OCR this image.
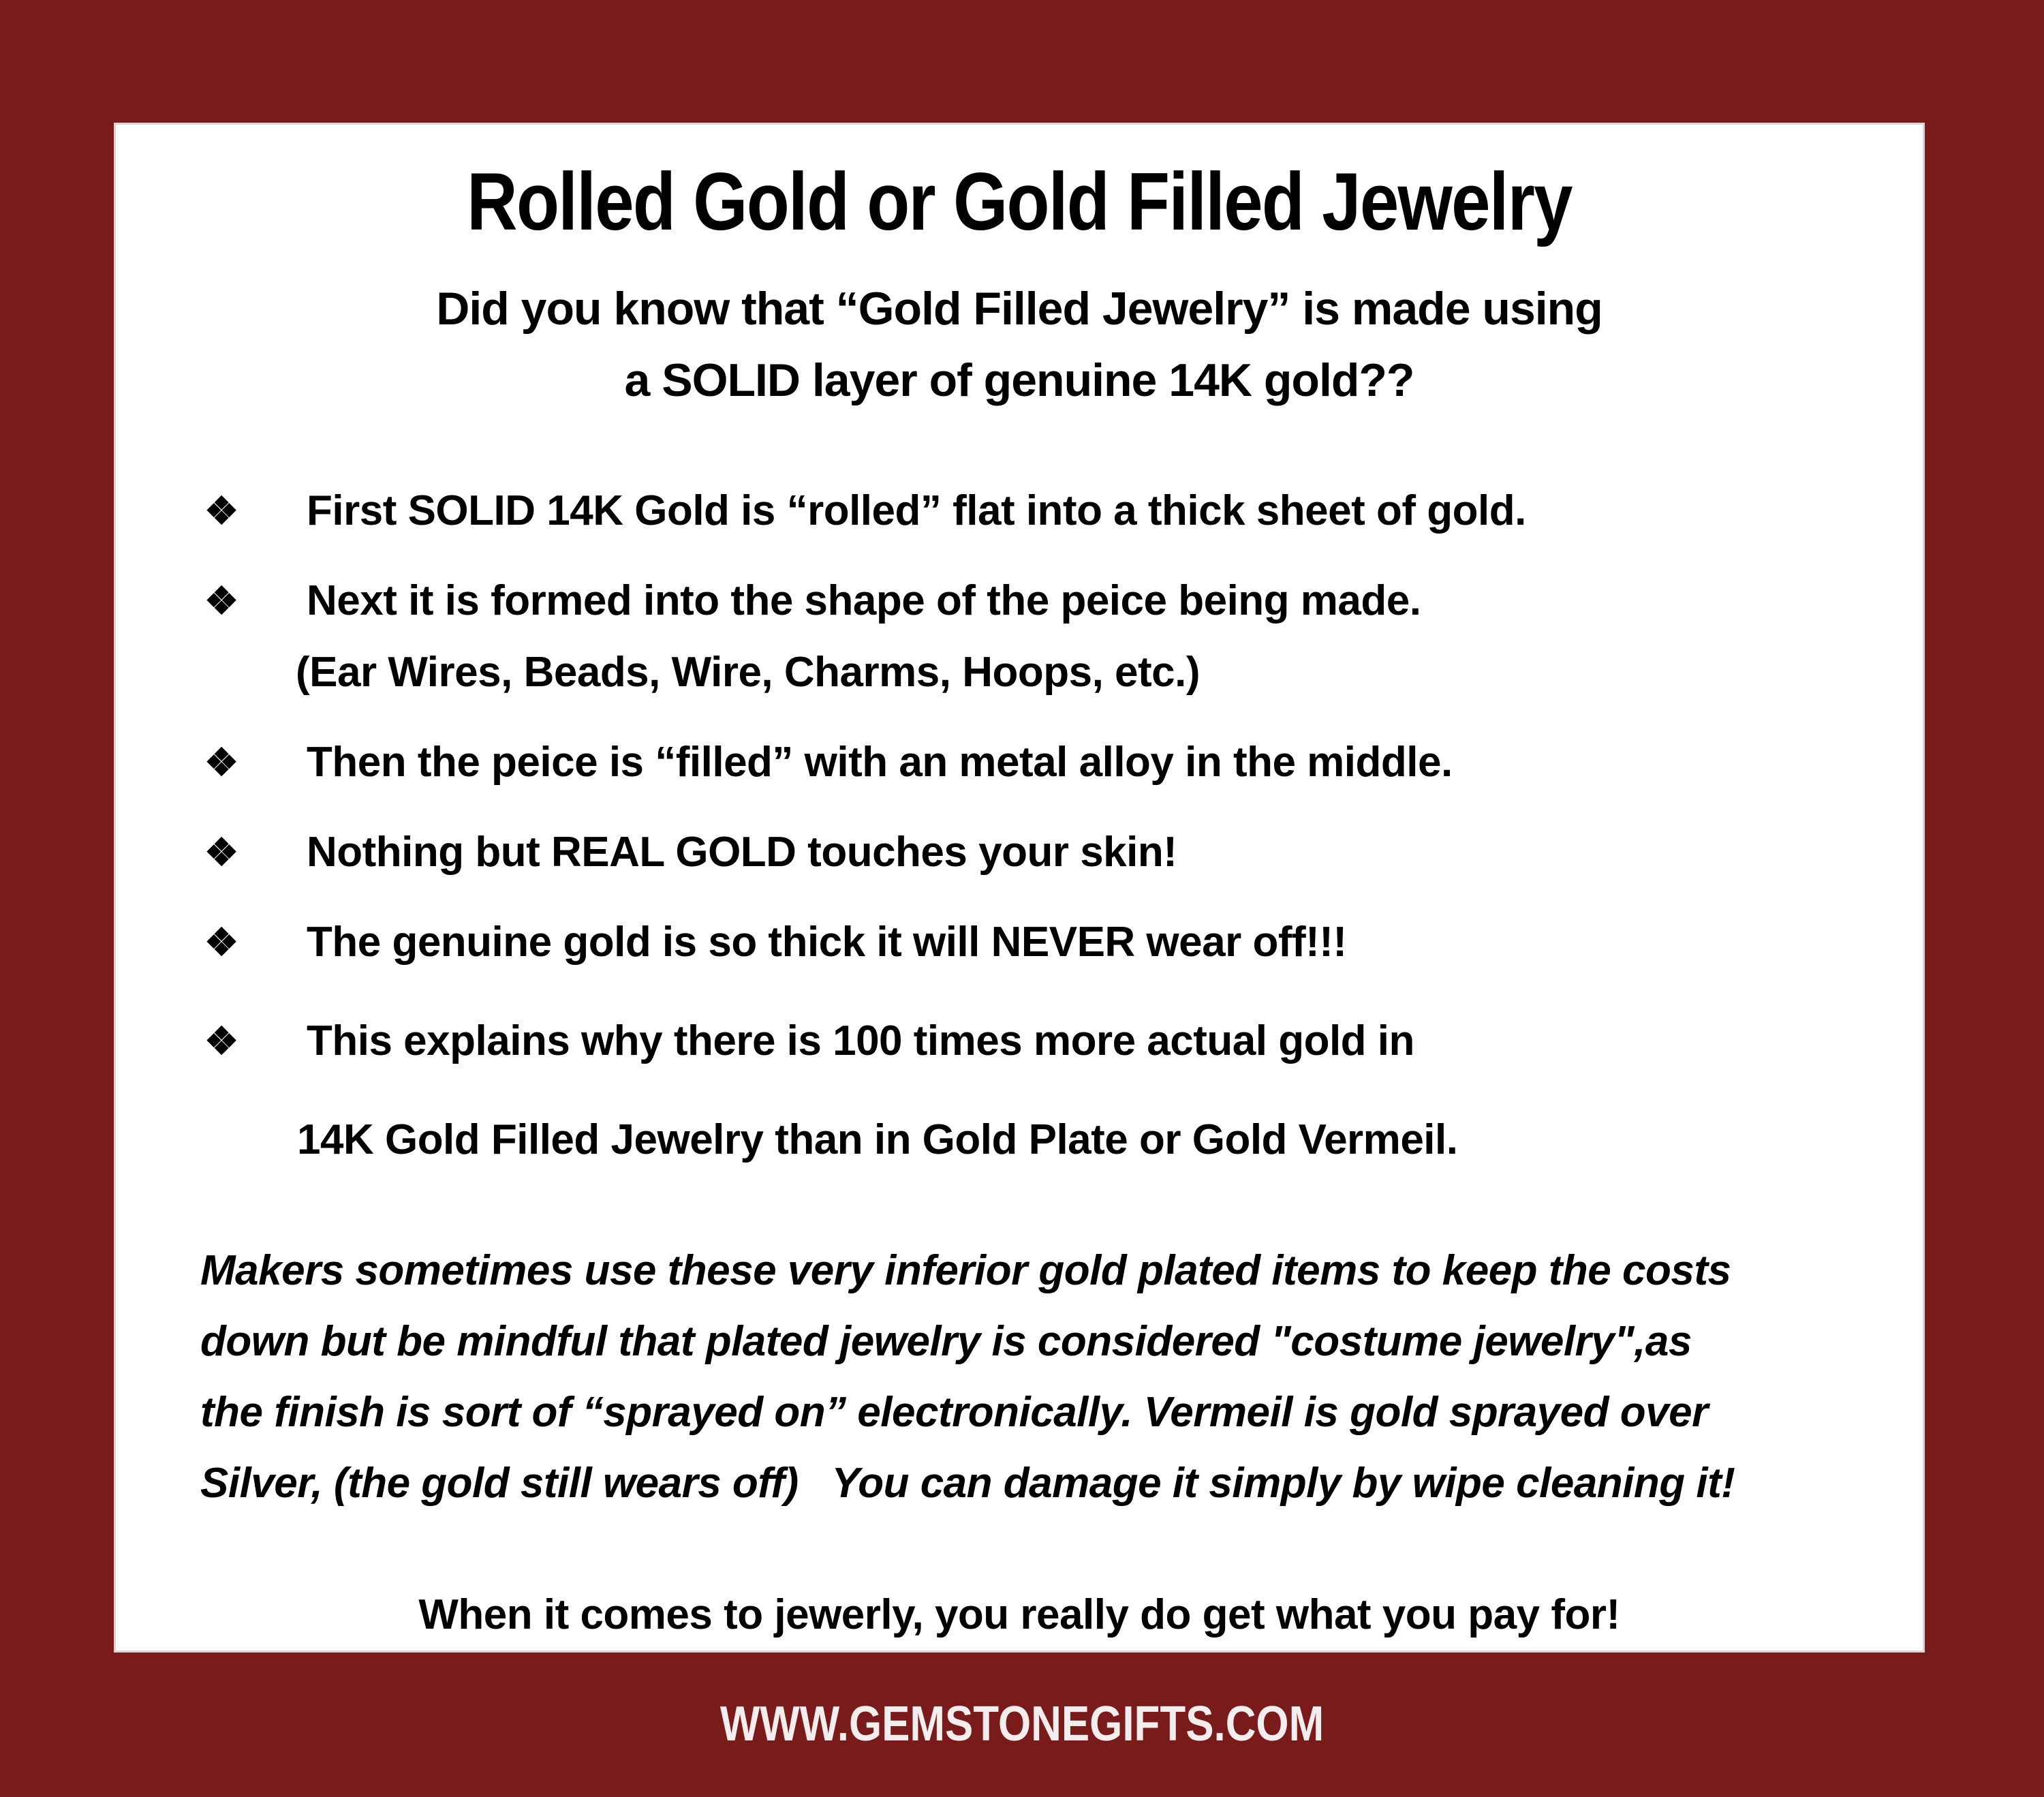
Rolled Gold or Gold Filled Jewelry
Did you know that “Gold Filled Jewelry” is made using
a SOLID layer of genuine 14K gold??
❖	First SOLID 14K Gold is “rolled” flat into a thick sheet of gold.
❖	Next it is formed into the shape of the peice being made.
(Ear Wires, Beads, Wire, Charms, Hoops, etc.)
❖	Then the peice is “filled” with an metal alloy in the middle.
❖	Nothing but REAL GOLD touches your skin!
❖	The genuine gold is so thick it will NEVER wear off!!!
❖	This explains why there is 100 times more actual gold in
14K Gold Filled Jewelry than in Gold Plate or Gold Vermeil.
Makers sometimes use these very inferior gold plated items to keep the costs
down but be mindful that plated jewelry is considered "costume jewelry",as
the finish is sort of “sprayed on” electronically. Vermeil is gold sprayed over
Silver, (the gold still wears off)   You can damage it simply by wipe cleaning it!
When it comes to jewerly, you really do get what you pay for!
WWW.GEMSTONEGIFTS.COM
